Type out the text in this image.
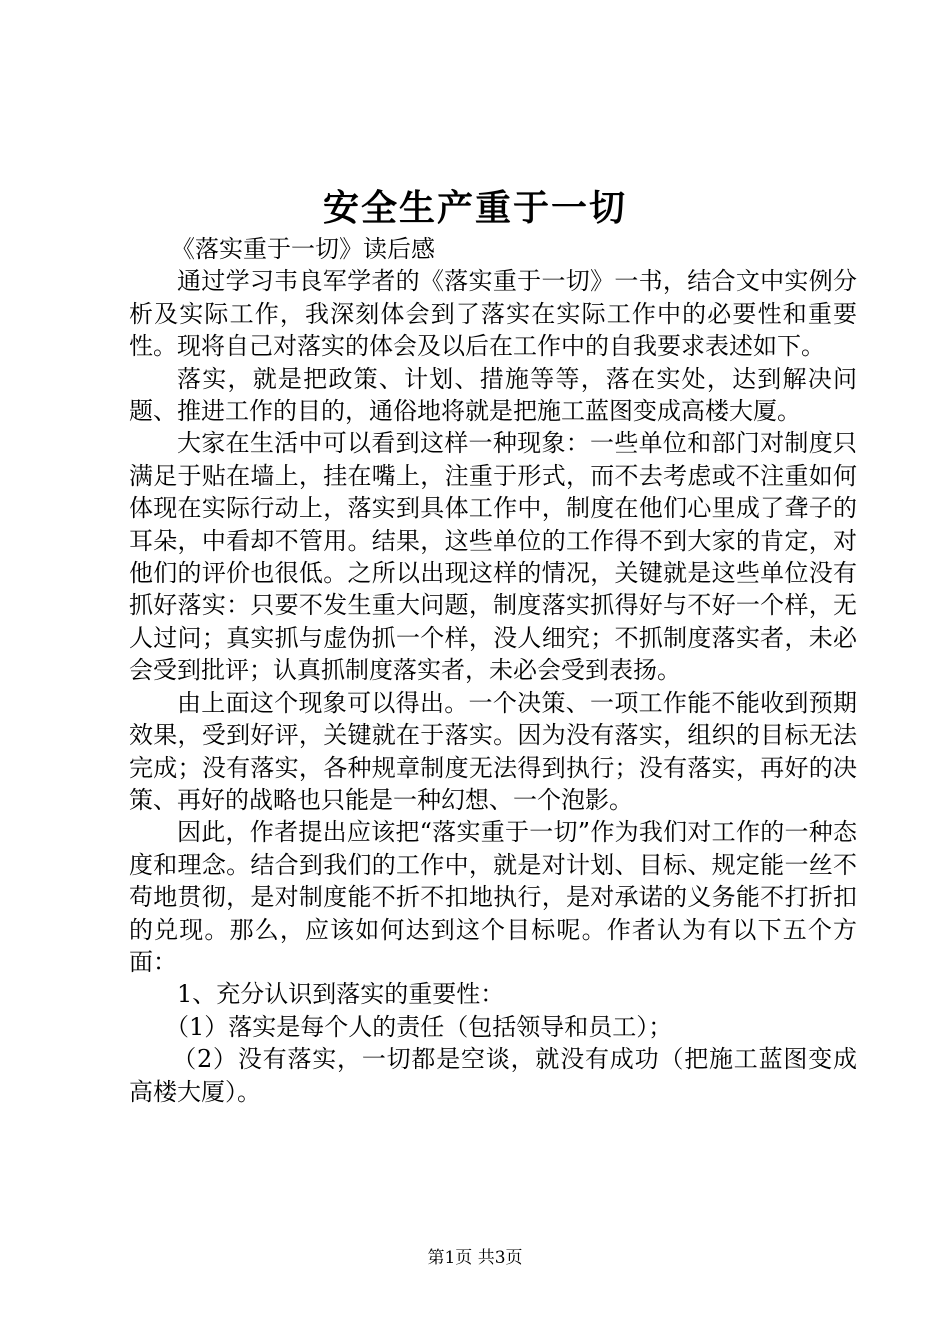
安全生产重于一切

《落实重于一切》读后感

通过学习韦良军学者的《落实重于一切》一书，结合文中实例分析及实际工作，我深刻体会到了落实在实际工作中的必要性和重要性。现将自己对落实的体会及以后在工作中的自我要求表述如下。

落实，就是把政策、计划、措施等等，落在实处，达到解决问题、推进工作的目的，通俗地将就是把施工蓝图变成高楼大厦。

大家在生活中可以看到这样一种现象：一些单位和部门对制度只满足于贴在墙上，挂在嘴上，注重于形式，而不去考虑或不注重如何体现在实际行动上，落实到具体工作中，制度在他们心里成了聋子的耳朵，中看却不管用。结果，这些单位的工作得不到大家的肯定，对他们的评价也很低。之所以出现这样的情况，关键就是这些单位没有抓好落实：只要不发生重大问题，制度落实抓得好与不好一个样，无人过问；真实抓与虚伪抓一个样，没人细究；不抓制度落实者，未必会受到批评；认真抓制度落实者，未必会受到表扬。

由上面这个现象可以得出。一个决策、一项工作能不能收到预期效果，受到好评，关键就在于落实。因为没有落实，组织的目标无法完成；没有落实，各种规章制度无法得到执行；没有落实，再好的决策、再好的战略也只能是一种幻想、一个泡影。

因此，作者提出应该把“落实重于一切”作为我们对工作的一种态度和理念。结合到我们的工作中，就是对计划、目标、规定能一丝不苟地贯彻，是对制度能不折不扣地执行，是对承诺的义务能不打折扣的兑现。那么，应该如何达到这个目标呢。作者认为有以下五个方面：

1、充分认识到落实的重要性：

（1）落实是每个人的责任（包括领导和员工）；

（2）没有落实，一切都是空谈，就没有成功（把施工蓝图变成高楼大厦）。

第1页 共3页
